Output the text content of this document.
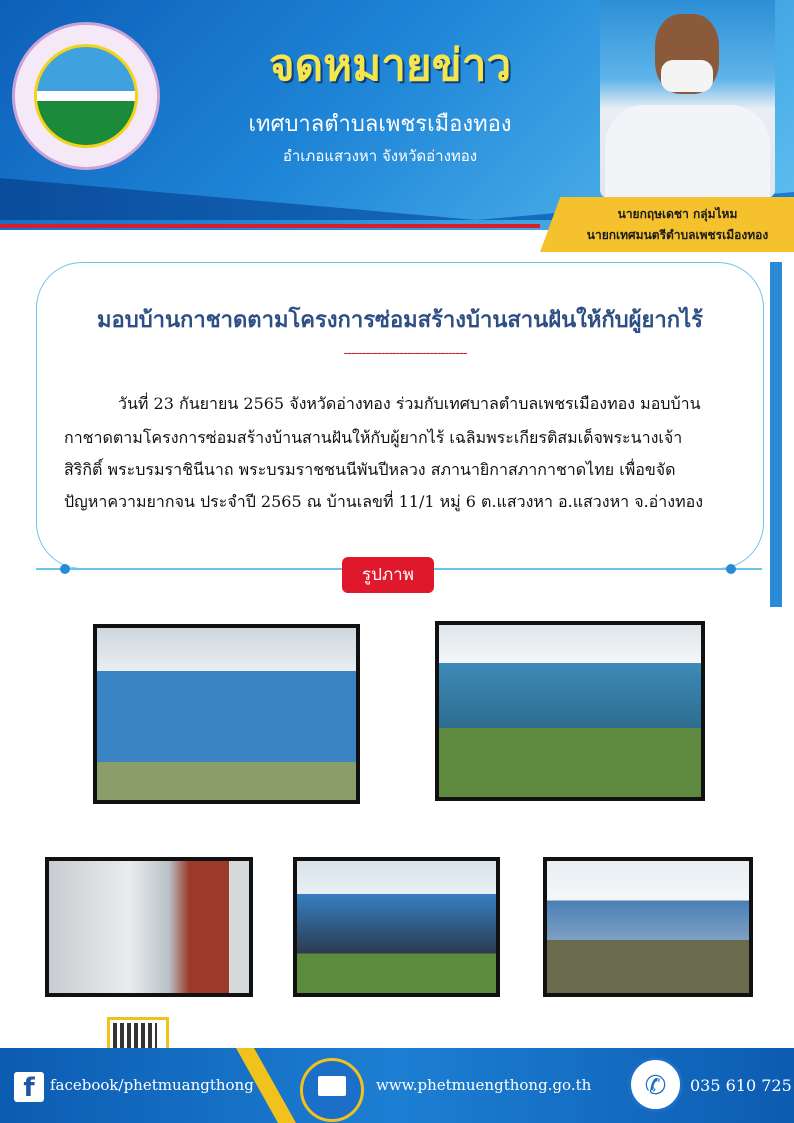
จดหมายข่าว
เทศบาลตำบลเพชรเมืองทอง
อำเภอแสวงหา จังหวัดอ่างทอง
นายกฤษเดชา กลุ่มไหม
นายกเทศมนตรีตำบลเพชรเมืองทอง
มอบบ้านกาชาดตามโครงการซ่อมสร้างบ้านสานฝันให้กับผู้ยากไร้
---------------------------------
วันที่ 23 กันยายน 2565 จังหวัดอ่างทอง ร่วมกับเทศบาลตำบลเพชรเมืองทอง มอบบ้าน
กาชาดตามโครงการซ่อมสร้างบ้านสานฝันให้กับผู้ยากไร้ เฉลิมพระเกียรติสมเด็จพระนางเจ้า
สิริกิติ์ พระบรมราชินีนาถ พระบรมราชชนนีพันปีหลวง สภานายิกาสภากาชาดไทย เพื่อขจัด
ปัญหาความยากจน ประจำปี 2565 ณ บ้านเลขที่ 11/1 หมู่ 6 ต.แสวงหา อ.แสวงหา จ.อ่างทอง
รูปภาพ
f	facebook/phetmuangthong	www.phetmuengthong.go.th	✆	035 610 725
